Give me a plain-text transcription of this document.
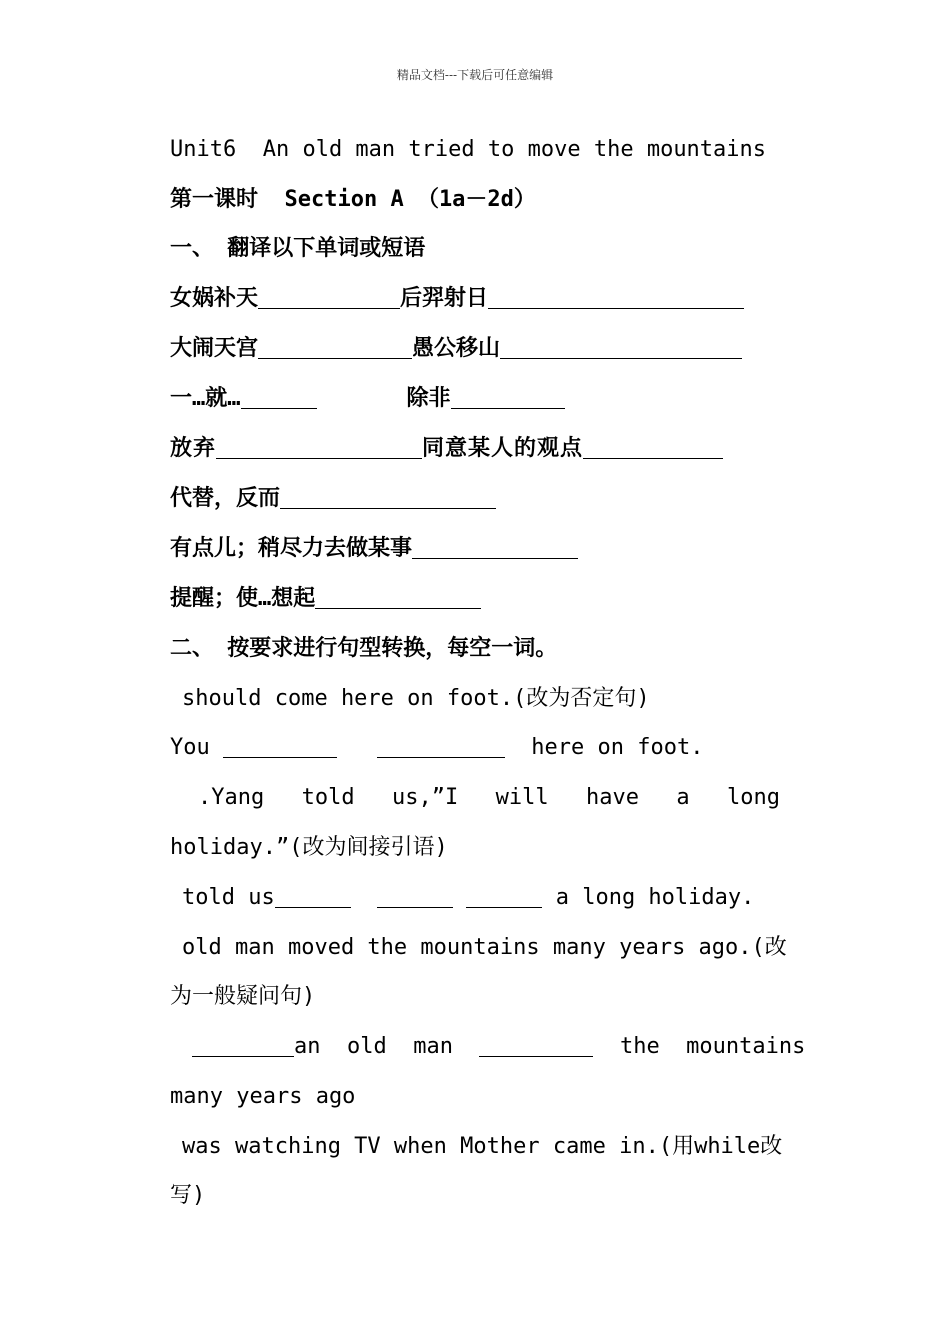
精品文档---下载后可任意编辑
Unit6  An old man tried to move the mountains
第一课时  Section A （1a－2d）
一、 翻译以下单词或短语
女娲补天	后羿射日
大闹天宫	愚公移山
一…就…	除非
放弃	同意某人的观点
代替，反而
有点儿；稍尽力去做某事
提醒；使…想起
二、 按要求进行句型转换，每空一词。
should come here on foot.(改为否定句)
You	here on foot.
.Yang told us,”I will have a long
holiday.”(改为间接引语)
told us	a long holiday.
old man moved the mountains many years ago.(改
为一般疑问句)
an  old  man	the  mountains
many years ago
was watching TV when Mother came in.(用while改
写)
